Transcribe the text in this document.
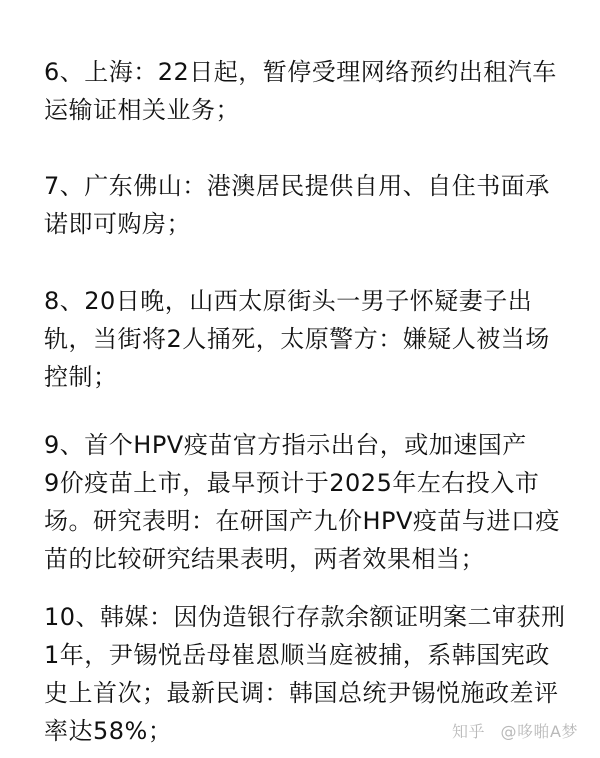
6、上海：22日起，暂停受理网络预约出租汽车
运输证相关业务；

7、广东佛山：港澳居民提供自用、自住书面承
诺即可购房；

8、20日晚，山西太原街头一男子怀疑妻子出
轨，当街将2人捅死，太原警方：嫌疑人被当场
控制；

9、首个HPV疫苗官方指示出台，或加速国产
9价疫苗上市，最早预计于2025年左右投入市
场。研究表明：在研国产九价HPV疫苗与进口疫
苗的比较研究结果表明，两者效果相当；

10、韩媒：因伪造银行存款余额证明案二审获刑
1年，尹锡悦岳母崔恩顺当庭被捕，系韩国宪政
史上首次；最新民调：韩国总统尹锡悦施政差评
率达58%；	知乎 @哆啪A梦
